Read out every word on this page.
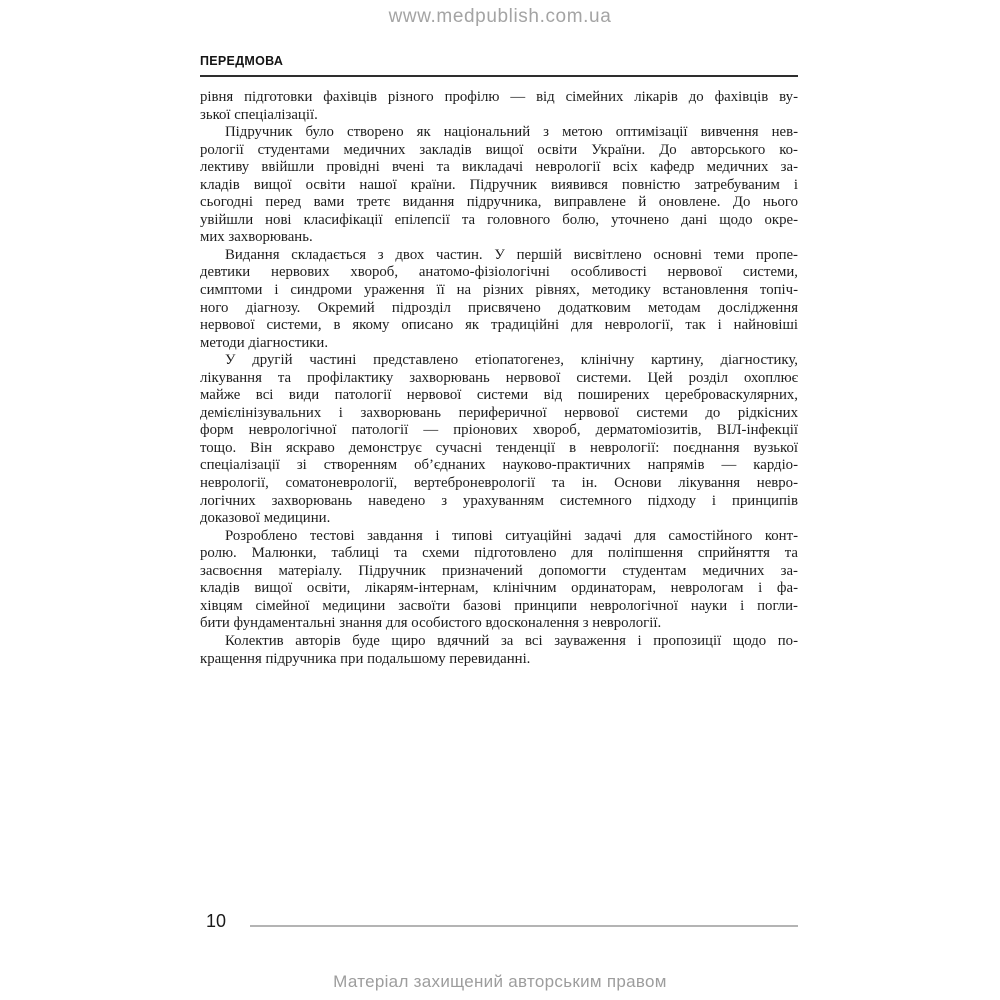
www.medpublish.com.ua
ПЕРЕДМОВА
рівня підготовки фахівців різного профілю — від сімейних лікарів до фахівців ву-
зької спеціалізації.
Підручник було створено як національний з метою оптимізації вивчення нев-
рології студентами медичних закладів вищої освіти України. До авторського ко-
лективу ввійшли провідні вчені та викладачі неврології всіх кафедр медичних за-
кладів вищої освіти нашої країни. Підручник виявився повністю затребуваним і
сьогодні перед вами третє видання підручника, виправлене й оновлене. До нього
увійшли нові класифікації епілепсії та головного болю, уточнено дані щодо окре-
мих захворювань.
Видання складається з двох частин. У першій висвітлено основні теми пропе-
девтики нервових хвороб, анатомо-фізіологічні особливості нервової системи,
симптоми і синдроми ураження її на різних рівнях, методику встановлення топіч-
ного діагнозу. Окремий підрозділ присвячено додатковим методам дослідження
нервової системи, в якому описано як традиційні для неврології, так і найновіші
методи діагностики.
У другій частині представлено етіопатогенез, клінічну картину, діагностику,
лікування та профілактику захворювань нервової системи. Цей розділ охоплює
майже всі види патології нервової системи від поширених цереброваскулярних,
демієлінізувальних і захворювань периферичної нервової системи до рідкісних
форм неврологічної патології — пріонових хвороб, дерматоміозитів, ВІЛ-інфекції
тощо. Він яскраво демонструє сучасні тенденції в неврології: поєднання вузької
спеціалізації зі створенням об’єднаних науково-практичних напрямів — кардіо-
неврології, соматоневрології, вертеброневрології та ін. Основи лікування невро-
логічних захворювань наведено з урахуванням системного підходу і принципів
доказової медицини.
Розроблено тестові завдання і типові ситуаційні задачі для самостійного конт-
ролю. Малюнки, таблиці та схеми підготовлено для поліпшення сприйняття та
засвоєння матеріалу. Підручник призначений допомогти студентам медичних за-
кладів вищої освіти, лікарям-інтернам, клінічним ординаторам, неврологам і фа-
хівцям сімейної медицини засвоїти базові принципи неврологічної науки і погли-
бити фундаментальні знання для особистого вдосконалення з неврології.
Колектив авторів буде щиро вдячний за всі зауваження і пропозиції щодо по-
кращення підручника при подальшому перевиданні.
10
Матеріал захищений авторським правом
